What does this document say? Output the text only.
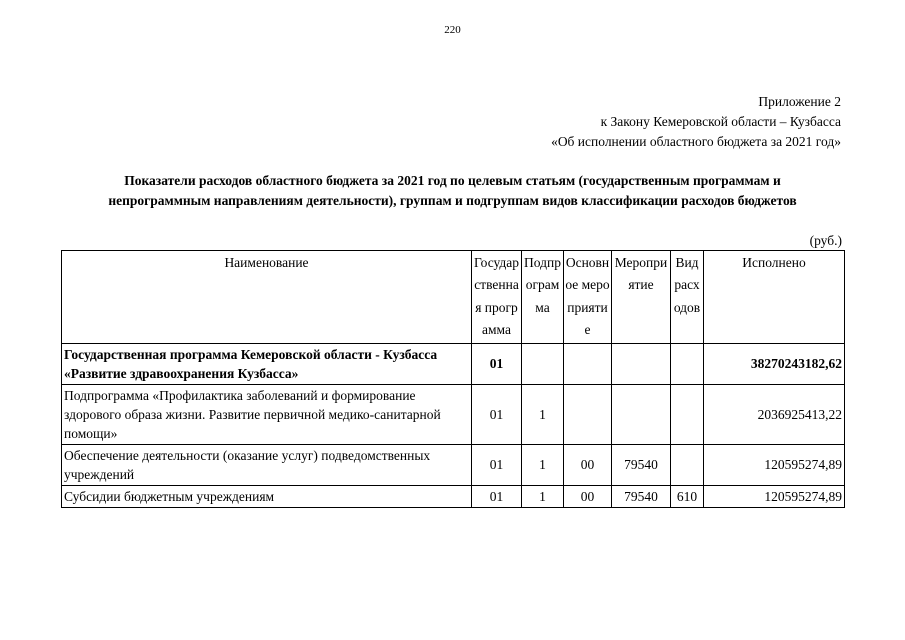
220
Приложение 2
к Закону Кемеровской области – Кузбасса
«Об исполнении областного бюджета за 2021 год»
Показатели расходов областного бюджета за 2021 год по целевым статьям (государственным программам и
непрограммным направлениям деятельности), группам и подгруппам видов классификации расходов бюджетов
(руб.)
Наименование	Государственная программа	Подпрограмма	Основное мероприятие	Мероприятие	Вид расходов	Исполнено
Государственная программа Кемеровской области - Кузбасса «Развитие здравоохранения Кузбасса»	01					38270243182,62
Подпрограмма «Профилактика заболеваний и формирование здорового образа жизни. Развитие первичной медико-санитарной помощи»	01	1				2036925413,22
Обеспечение деятельности (оказание услуг) подведомственных учреждений	01	1	00	79540		120595274,89
Субсидии бюджетным учреждениям	01	1	00	79540	610	120595274,89
